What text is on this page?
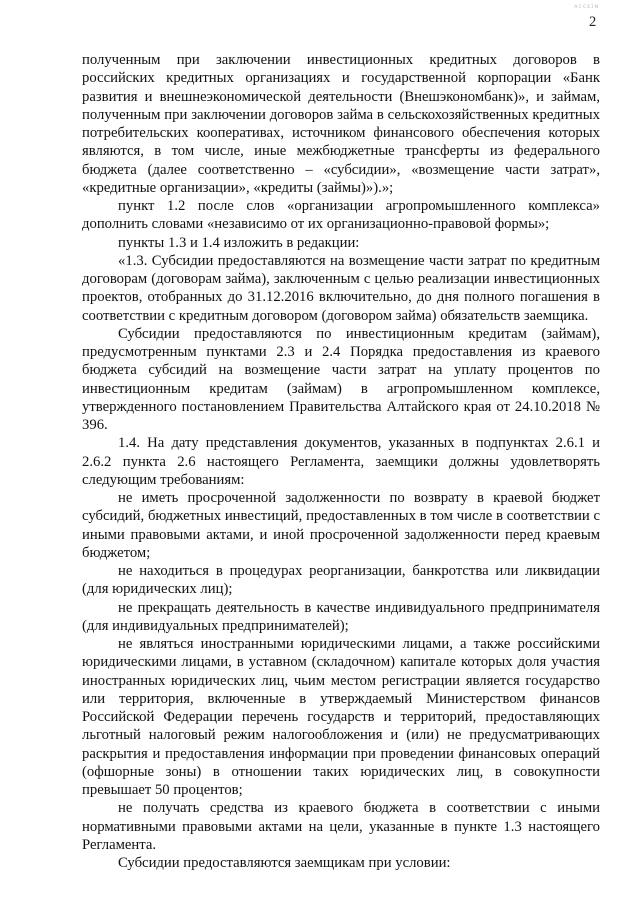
ᴀᴄᴄᴇɪɴ
2

полученным при заключении инвестиционных кредитных договоров в российских кредитных организациях и государственной корпорации «Банк развития и внешнеэкономической деятельности (Внешэкономбанк)», и займам, полученным при заключении договоров займа в сельскохозяйственных кредитных потребительских кооперативах, источником финансового обеспечения которых являются, в том числе, иные межбюджетные трансферты из федерального бюджета (далее соответственно – «субсидии», «возмещение части затрат», «кредитные организации», «кредиты (займы)»).»;

пункт 1.2 после слов «организации агропромышленного комплекса» дополнить словами «независимо от их организационно-правовой формы»;

пункты 1.3 и 1.4 изложить в редакции:

«1.3. Субсидии предоставляются на возмещение части затрат по кредитным договорам (договорам займа), заключенным с целью реализации инвестиционных проектов, отобранных до 31.12.2016 включительно, до дня полного погашения в соответствии с кредитным договором (договором займа) обязательств заемщика.

Субсидии предоставляются по инвестиционным кредитам (займам), предусмотренным пунктами 2.3 и 2.4 Порядка предоставления из краевого бюджета субсидий на возмещение части затрат на уплату процентов по инвестиционным кредитам (займам) в агропромышленном комплексе, утвержденного постановлением Правительства Алтайского края от 24.10.2018 № 396.

1.4. На дату представления документов, указанных в подпунктах 2.6.1 и 2.6.2 пункта 2.6 настоящего Регламента, заемщики должны удовлетворять следующим требованиям:

не иметь просроченной задолженности по возврату в краевой бюджет субсидий, бюджетных инвестиций, предоставленных в том числе в соответствии с иными правовыми актами, и иной просроченной задолженности перед краевым бюджетом;

не находиться в процедурах реорганизации, банкротства или ликвидации (для юридических лиц);

не прекращать деятельность в качестве индивидуального предпринимателя (для индивидуальных предпринимателей);

не являться иностранными юридическими лицами, а также российскими юридическими лицами, в уставном (складочном) капитале которых доля участия иностранных юридических лиц, чьим местом регистрации является государство или территория, включенные в утверждаемый Министерством финансов Российской Федерации перечень государств и территорий, предоставляющих льготный налоговый режим налогообложения и (или) не предусматривающих раскрытия и предоставления информации при проведении финансовых операций (офшорные зоны) в отношении таких юридических лиц, в совокупности превышает 50 процентов;

не получать средства из краевого бюджета в соответствии с иными нормативными правовыми актами на цели, указанные в пункте 1.3 настоящего Регламента.

Субсидии предоставляются заемщикам при условии:
